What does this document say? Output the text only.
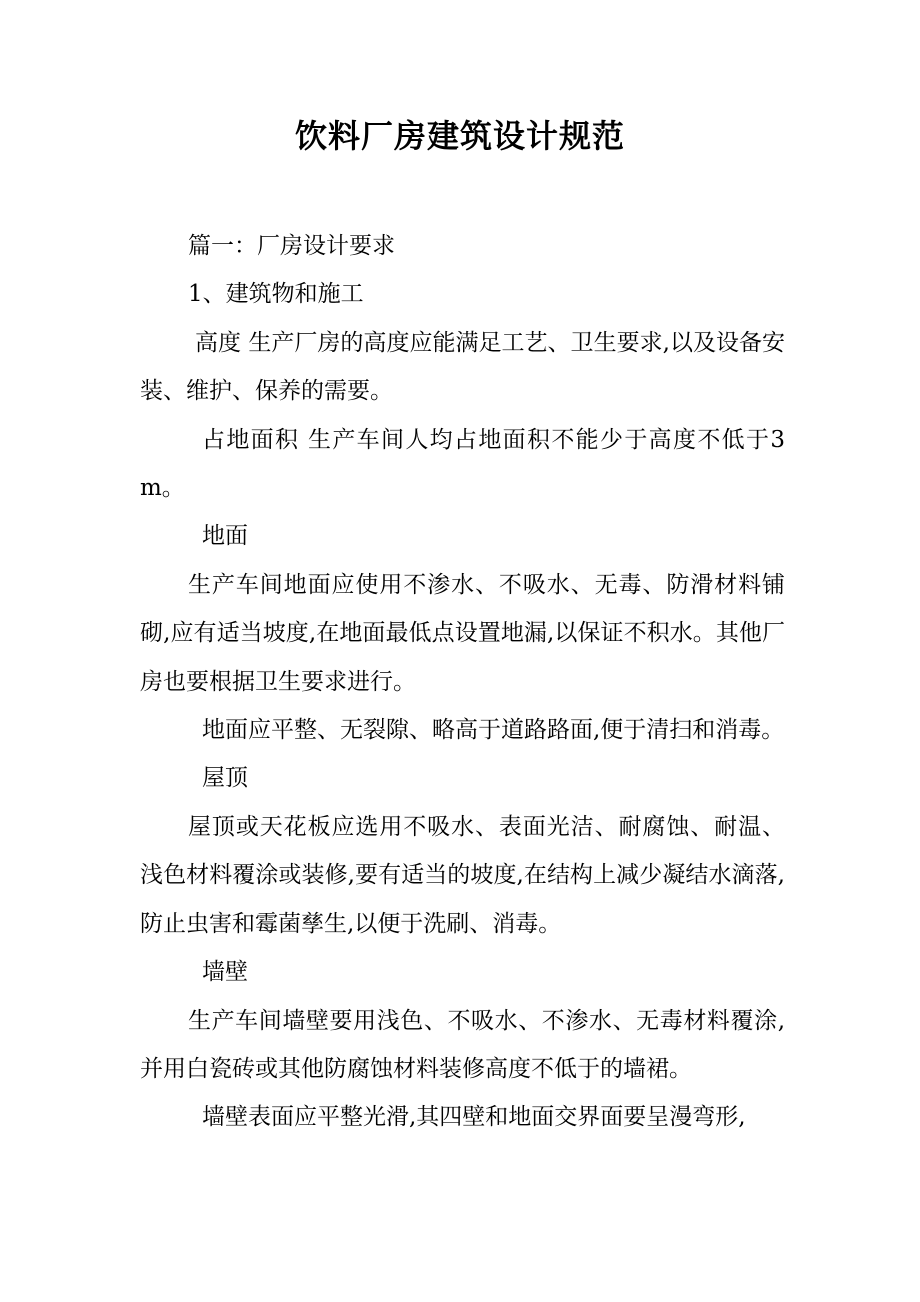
饮料厂房建筑设计规范

篇一：厂房设计要求

1、建筑物和施工

高度 生产厂房的高度应能满足工艺、卫生要求,以及设备安装、维护、保养的需要。

占地面积 生产车间人均占地面积不能少于高度不低于3m。

地面

生产车间地面应使用不渗水、不吸水、无毒、防滑材料铺砌,应有适当坡度,在地面最低点设置地漏,以保证不积水。其他厂房也要根据卫生要求进行。

地面应平整、无裂隙、略高于道路路面,便于清扫和消毒。

屋顶

屋顶或天花板应选用不吸水、表面光洁、耐腐蚀、耐温、浅色材料覆涂或装修,要有适当的坡度,在结构上减少凝结水滴落,防止虫害和霉菌孳生,以便于洗刷、消毒。

墙壁

生产车间墙壁要用浅色、不吸水、不渗水、无毒材料覆涂,并用白瓷砖或其他防腐蚀材料装修高度不低于的墙裙。

墙壁表面应平整光滑,其四壁和地面交界面要呈漫弯形,
